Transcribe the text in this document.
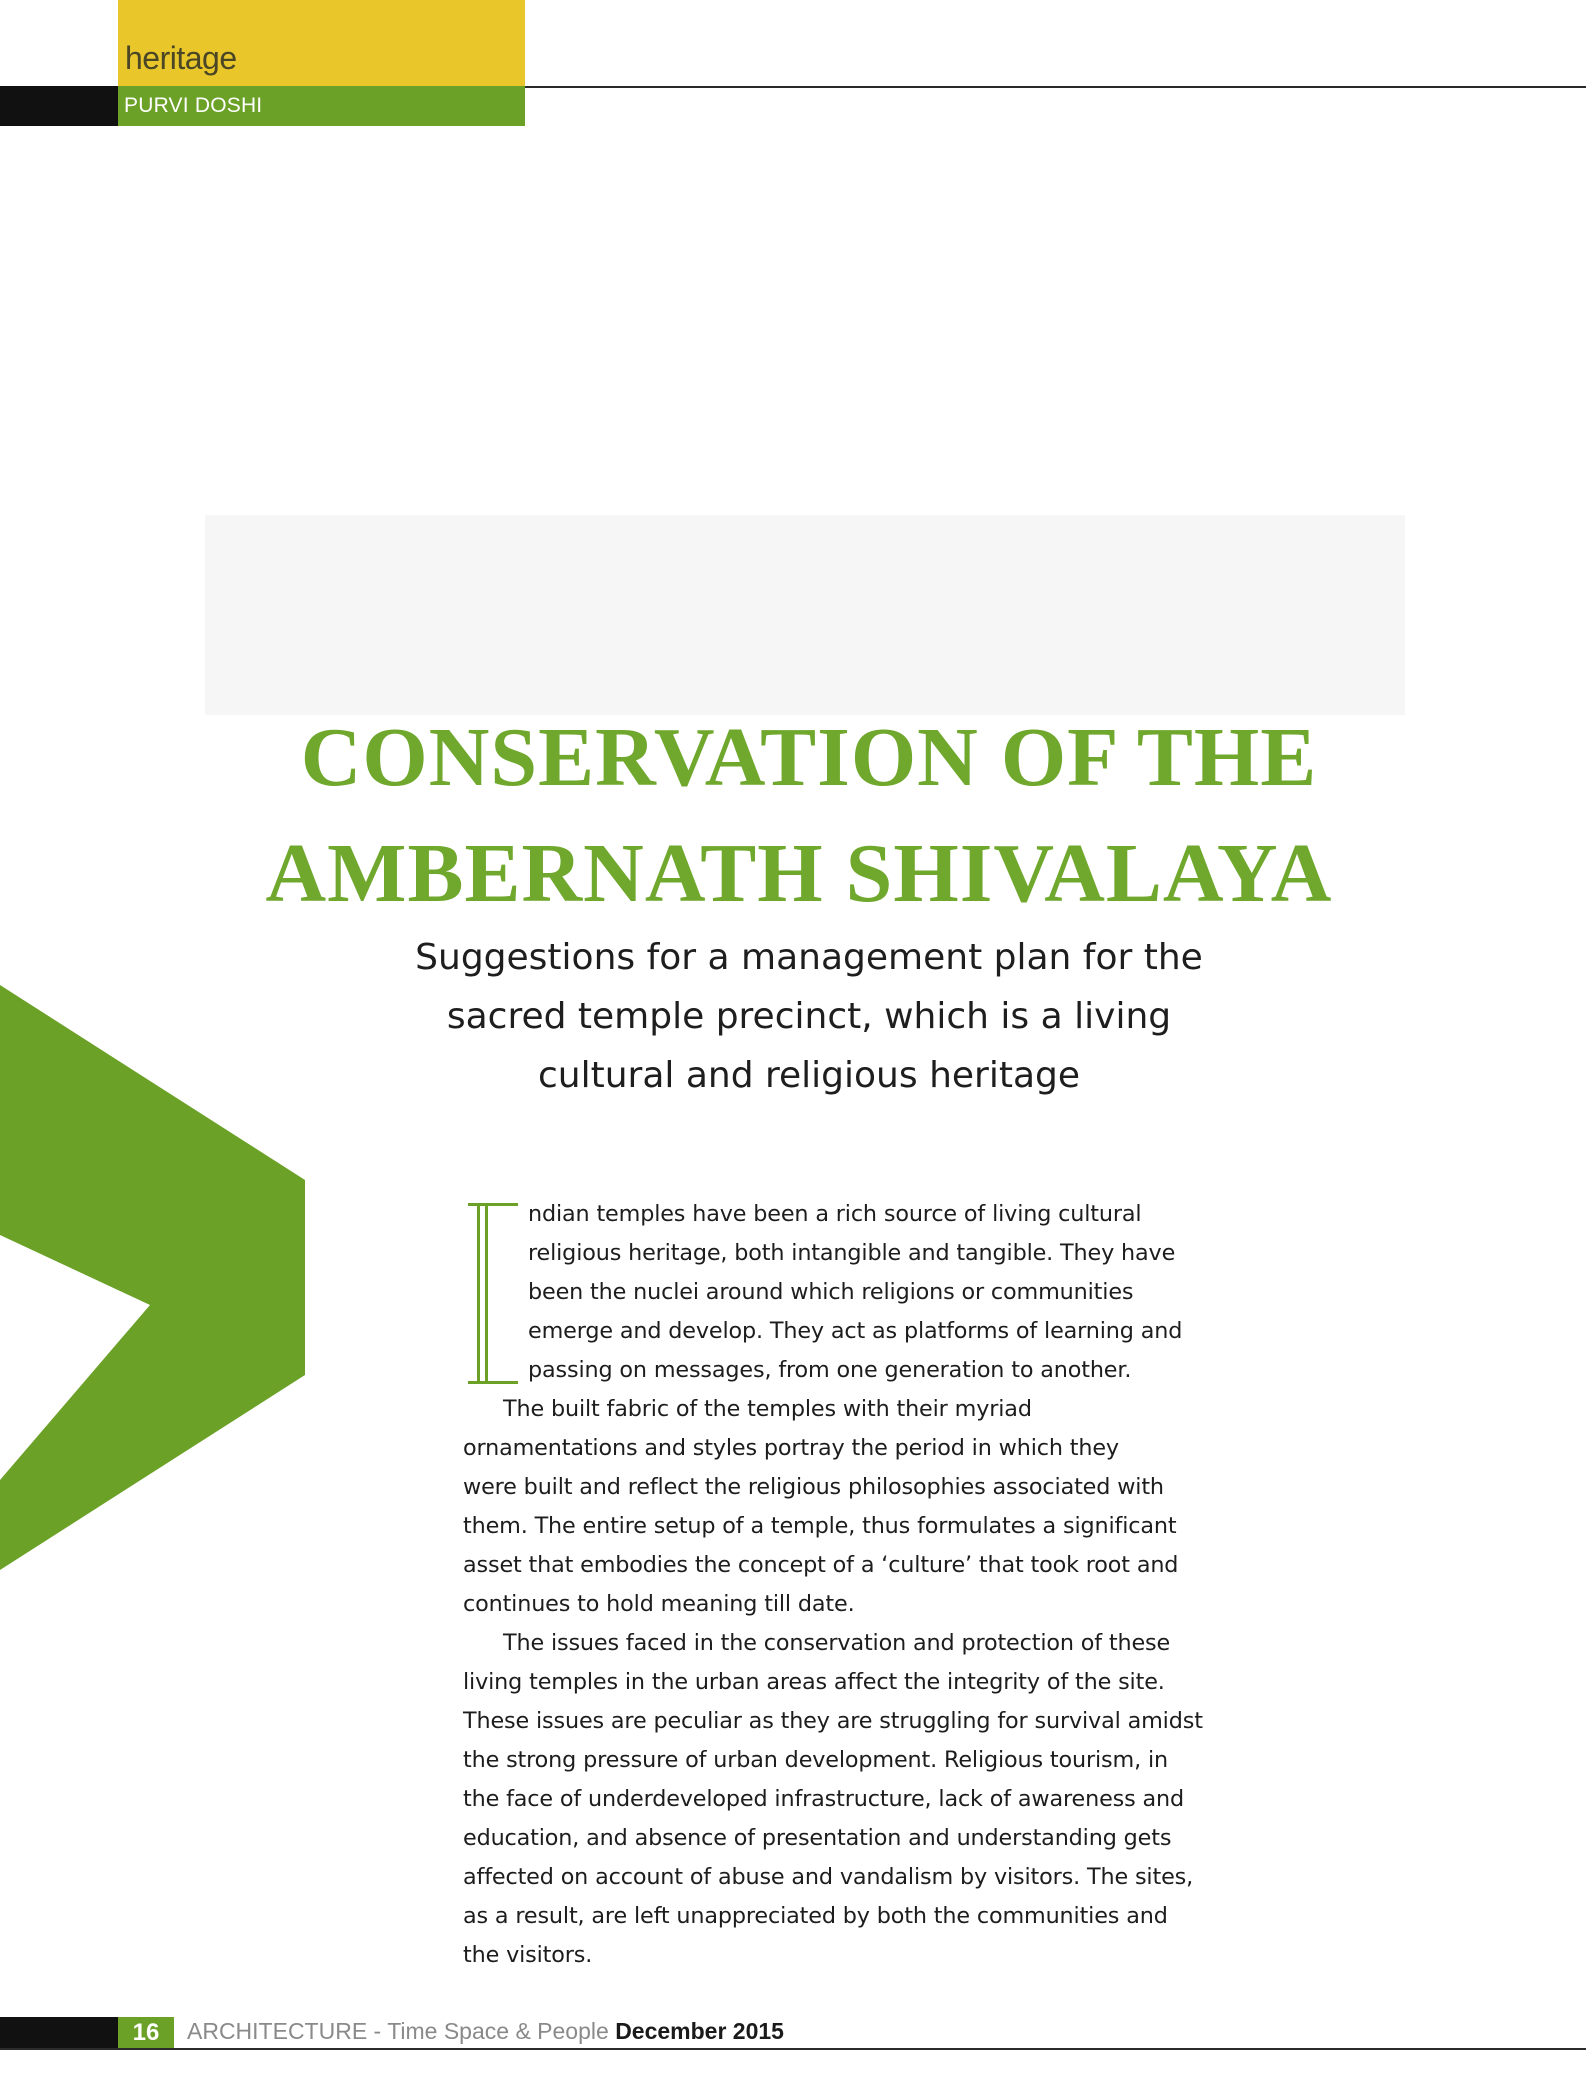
heritage
PURVI DOSHI
CONSERVATION OF THE
AMBERNATH SHIVALAYA
Suggestions for a management plan for the
sacred temple precinct, which is a living
cultural and religious heritage
ndian temples have been a rich source of living cultural
religious heritage, both intangible and tangible. They have
been the nuclei around which religions or communities
emerge and develop. They act as platforms of learning and
passing on messages, from one generation to another.
The built fabric of the temples with their myriad
ornamentations and styles portray the period in which they
were built and reflect the religious philosophies associated with
them. The entire setup of a temple, thus formulates a significant
asset that embodies the concept of a ‘culture’ that took root and
continues to hold meaning till date.
The issues faced in the conservation and protection of these
living temples in the urban areas affect the integrity of the site.
These issues are peculiar as they are struggling for survival amidst
the strong pressure of urban development. Religious tourism, in
the face of underdeveloped infrastructure, lack of awareness and
education, and absence of presentation and understanding gets
affected on account of abuse and vandalism by visitors. The sites,
as a result, are left unappreciated by both the communities and
the visitors.
16 ARCHITECTURE - Time Space & People December 2015
